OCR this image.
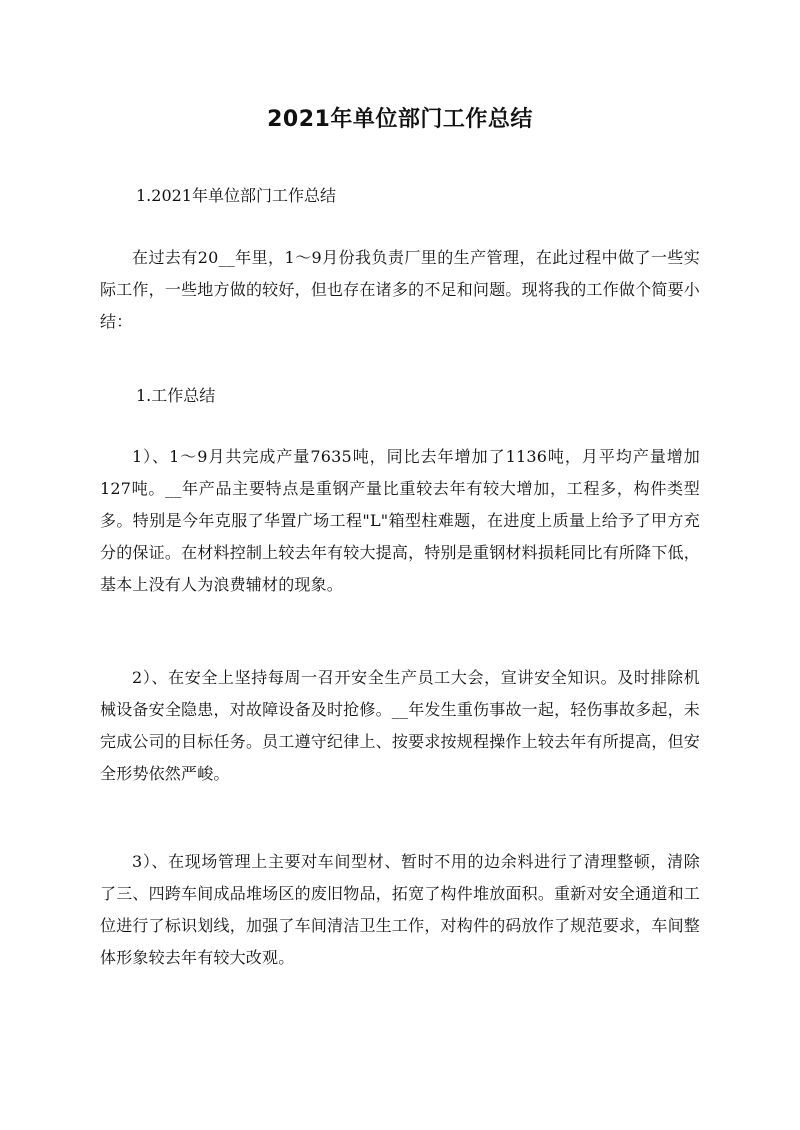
2021年单位部门工作总结

1.2021年单位部门工作总结

在过去有20__年里，1～9月份我负责厂里的生产管理，在此过程中做了一些实际工作，一些地方做的较好，但也存在诸多的不足和问题。现将我的工作做个简要小结：

1.工作总结

1）、1～9月共完成产量7635吨，同比去年增加了1136吨，月平均产量增加127吨。__年产品主要特点是重钢产量比重较去年有较大增加，工程多，构件类型多。特别是今年克服了华置广场工程"L"箱型柱难题，在进度上质量上给予了甲方充分的保证。在材料控制上较去年有较大提高，特别是重钢材料损耗同比有所降下低，基本上没有人为浪费辅材的现象。

2）、在安全上坚持每周一召开安全生产员工大会，宣讲安全知识。及时排除机械设备安全隐患，对故障设备及时抢修。__年发生重伤事故一起，轻伤事故多起，未完成公司的目标任务。员工遵守纪律上、按要求按规程操作上较去年有所提高，但安全形势依然严峻。

3）、在现场管理上主要对车间型材、暂时不用的边余料进行了清理整顿，清除了三、四跨车间成品堆场区的废旧物品，拓宽了构件堆放面积。重新对安全通道和工位进行了标识划线，加强了车间清洁卫生工作，对构件的码放作了规范要求，车间整体形象较去年有较大改观。
